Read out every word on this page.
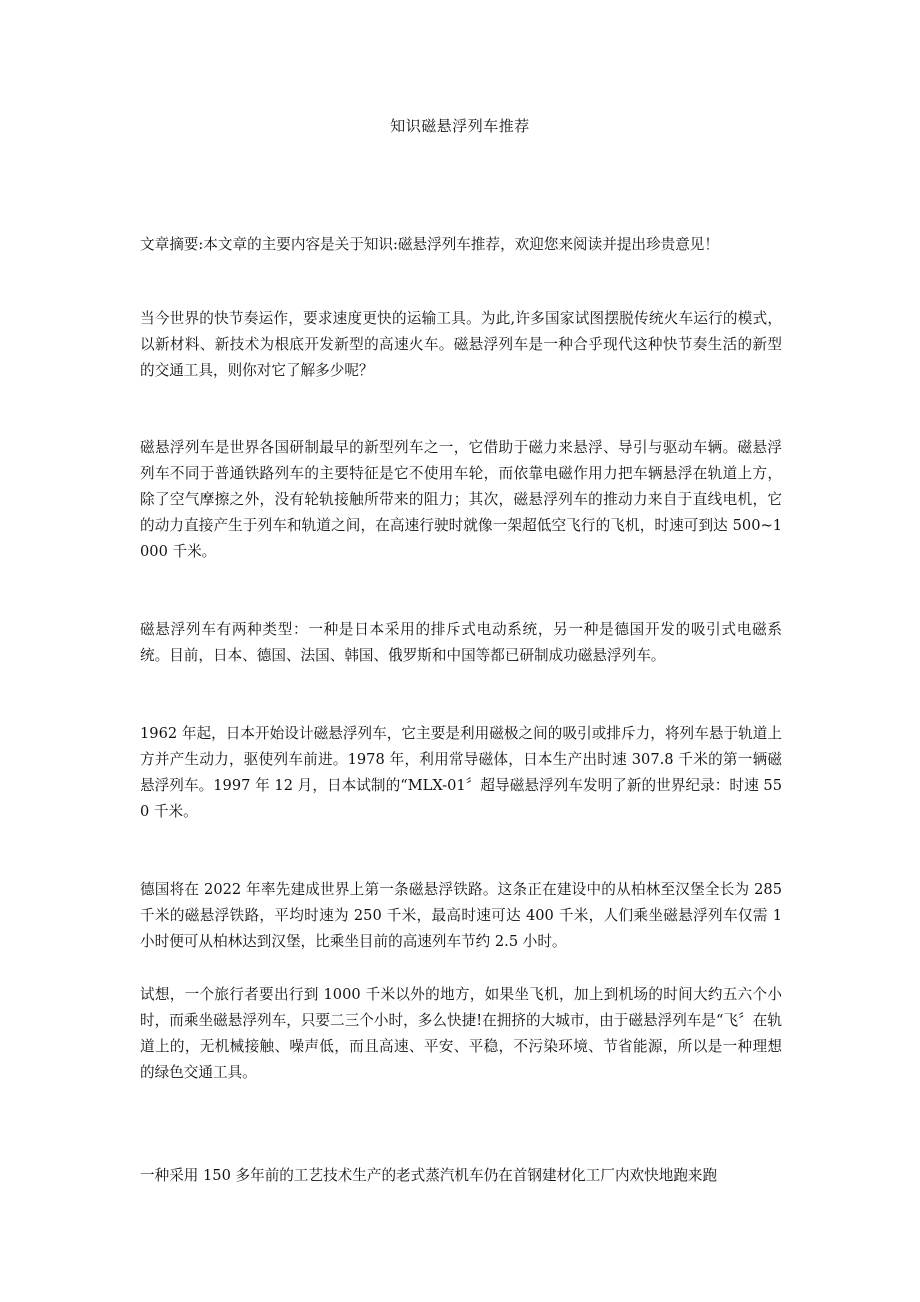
知识磁悬浮列车推荐

文章摘要:本文章的主要内容是关于知识:磁悬浮列车推荐，欢迎您来阅读并提出珍贵意见！

当今世界的快节奏运作，要求速度更快的运输工具。为此,许多国家试图摆脱传统火车运行的模式，以新材料、新技术为根底开发新型的高速火车。磁悬浮列车是一种合乎现代这种快节奏生活的新型的交通工具，则你对它了解多少呢？

磁悬浮列车是世界各国研制最早的新型列车之一，它借助于磁力来悬浮、导引与驱动车辆。磁悬浮列车不同于普通铁路列车的主要特征是它不使用车轮，而依靠电磁作用力把车辆悬浮在轨道上方，除了空气摩擦之外，没有轮轨接触所带来的阻力；其次，磁悬浮列车的推动力来自于直线电机，它的动力直接产生于列车和轨道之间，在高速行驶时就像一架超低空飞行的飞机，时速可到达 500~1000 千米。

磁悬浮列车有两种类型：一种是日本采用的排斥式电动系统，另一种是德国开发的吸引式电磁系统。目前，日本、德国、法国、韩国、俄罗斯和中国等都已研制成功磁悬浮列车。

1962 年起，日本开始设计磁悬浮列车，它主要是利用磁极之间的吸引或排斥力，将列车悬于轨道上方并产生动力，驱使列车前进。1978 年，利用常导磁体，日本生产出时速 307.8 千米的第一辆磁悬浮列车。1997 年 12 月，日本试制的“MLX-01〞超导磁悬浮列车发明了新的世界纪录：时速 550 千米。

德国将在 2022 年率先建成世界上第一条磁悬浮铁路。这条正在建设中的从柏林至汉堡全长为 285 千米的磁悬浮铁路，平均时速为 250 千米，最高时速可达 400 千米，人们乘坐磁悬浮列车仅需 1 小时便可从柏林达到汉堡，比乘坐目前的高速列车节约 2.5 小时。

试想，一个旅行者要出行到 1000 千米以外的地方，如果坐飞机，加上到机场的时间大约五六个小时，而乘坐磁悬浮列车，只要二三个小时，多么快捷!在拥挤的大城市，由于磁悬浮列车是“飞〞在轨道上的，无机械接触、噪声低，而且高速、平安、平稳，不污染环境、节省能源，所以是一种理想的绿色交通工具。

一种采用 150 多年前的工艺技术生产的老式蒸汽机车仍在首钢建材化工厂内欢快地跑来跑
